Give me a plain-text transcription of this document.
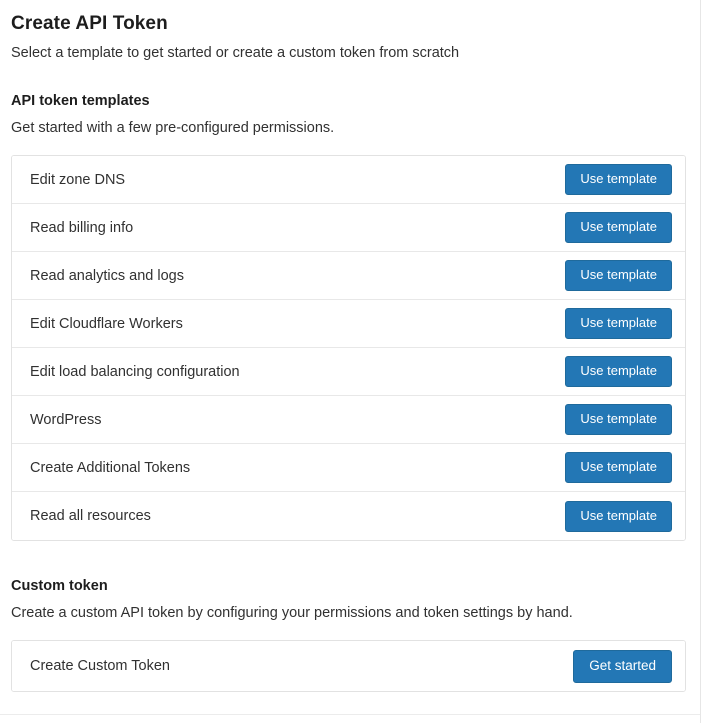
Create API Token

Select a template to get started or create a custom token from scratch

API token templates

Get started with a few pre-configured permissions.

Edit zone DNS	Use template
Read billing info	Use template
Read analytics and logs	Use template
Edit Cloudflare Workers	Use template
Edit load balancing configuration	Use template
WordPress	Use template
Create Additional Tokens	Use template
Read all resources	Use template
Custom token

Create a custom API token by configuring your permissions and token settings by hand.

Create Custom Token	Get started
